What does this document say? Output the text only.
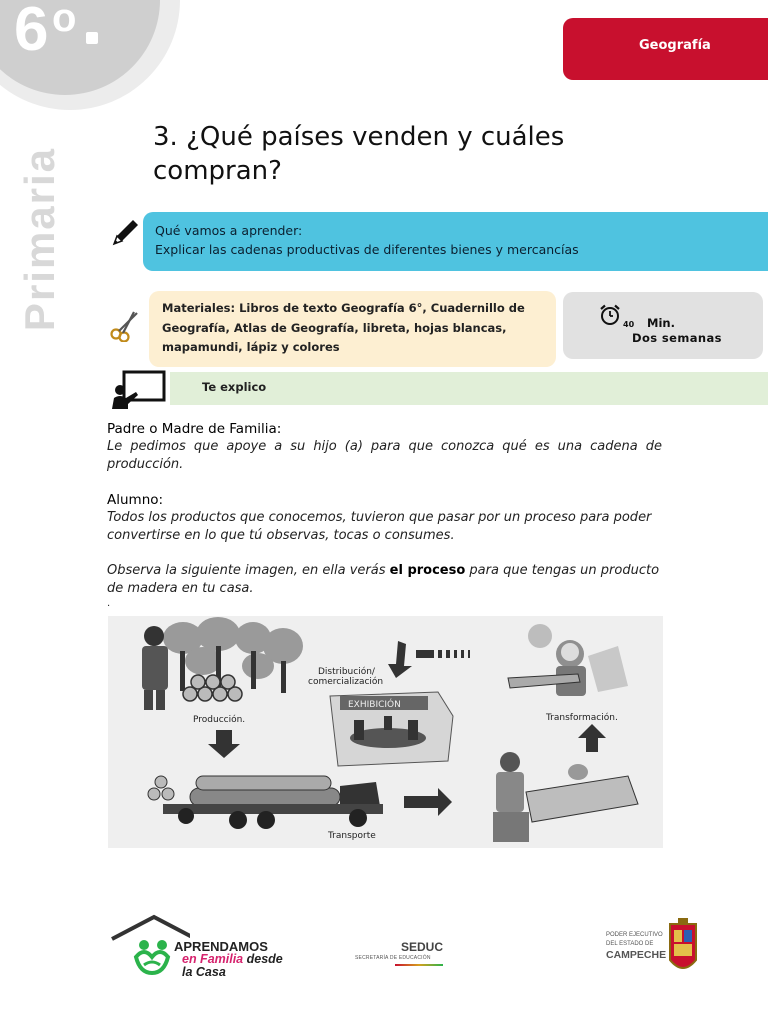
6 o
Primaria
Geografía
3. ¿Qué países venden y cuáles compran?
Qué vamos a aprender:
Explicar las cadenas productivas de diferentes bienes y mercancías
Materiales: Libros de texto Geografía 6°, Cuadernillo de Geografía, Atlas de Geografía, libreta, hojas blancas, mapamundi, lápiz y colores
40 Min.
Dos semanas
Te explico
Padre o Madre de Familia:
Le pedimos que apoye a su hijo (a) para que conozca qué es una cadena de producción.
Alumno:
Todos los productos que conocemos, tuvieron que pasar por un proceso para poder convertirse en lo que tú observas, tocas o consumes.
Observa la siguiente imagen, en ella verás el proceso para que tengas un producto de madera en tu casa.
.
Producción.
Distribución/
comercialización
EXHIBICIÓN
Transformación.
Transporte
APRENDAMOS
en Familia desde
la Casa
SEDUC
SECRETARÍA DE EDUCACIÓN
PODER EJECUTIVO
DEL ESTADO DE
CAMPECHE
